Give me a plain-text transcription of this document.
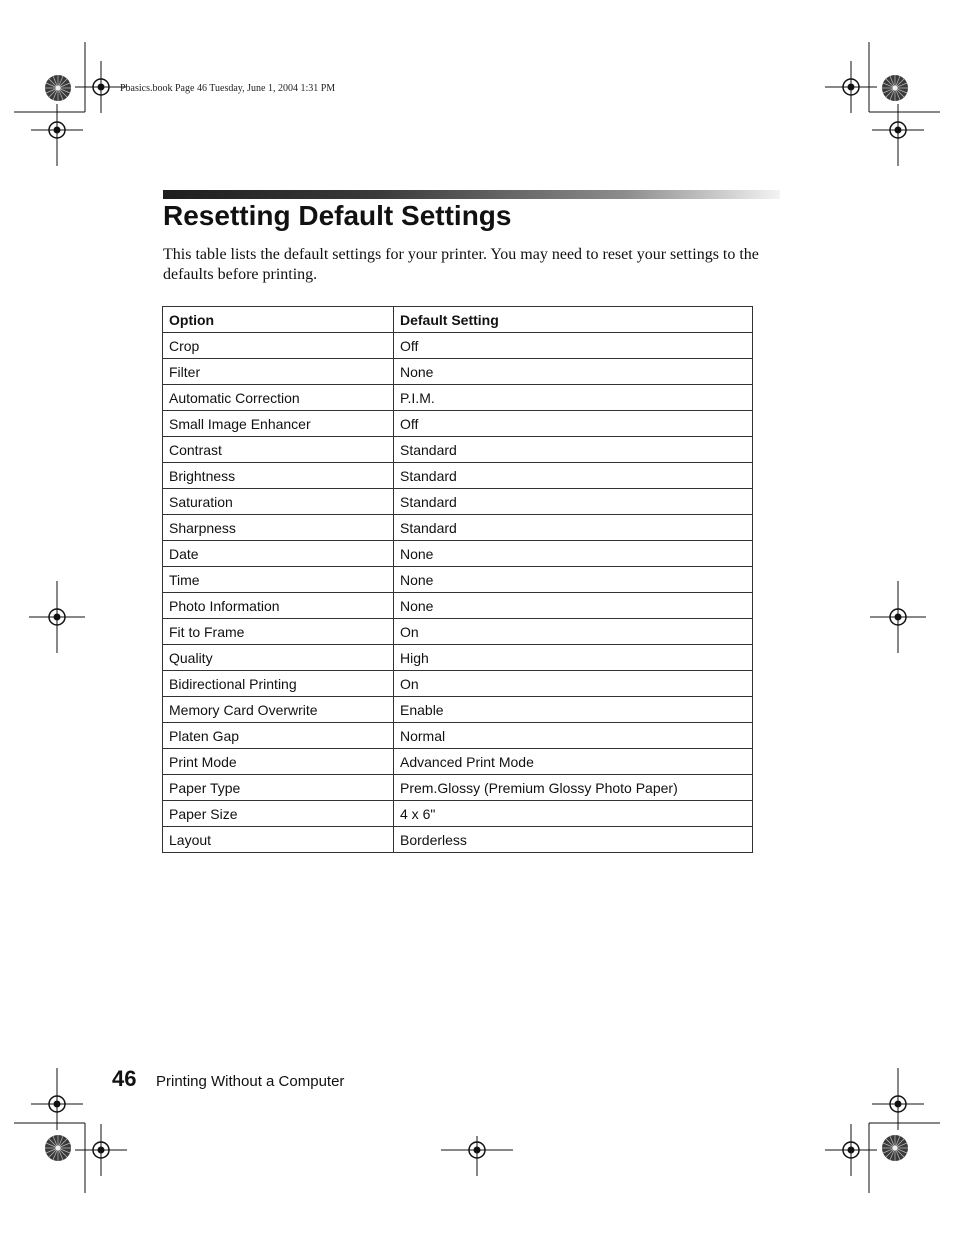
Pbasics.book Page 46 Tuesday, June 1, 2004 1:31 PM
Resetting Default Settings

This table lists the default settings for your printer. You may need to reset your settings to the defaults before printing.

Option	Default Setting
Crop	Off
Filter	None
Automatic Correction	P.I.M.
Small Image Enhancer	Off
Contrast	Standard
Brightness	Standard
Saturation	Standard
Sharpness	Standard
Date	None
Time	None
Photo Information	None
Fit to Frame	On
Quality	High
Bidirectional Printing	On
Memory Card Overwrite	Enable
Platen Gap	Normal
Print Mode	Advanced Print Mode
Paper Type	Prem.Glossy (Premium Glossy Photo Paper)
Paper Size	4 x 6"
Layout	Borderless
46 Printing Without a Computer
